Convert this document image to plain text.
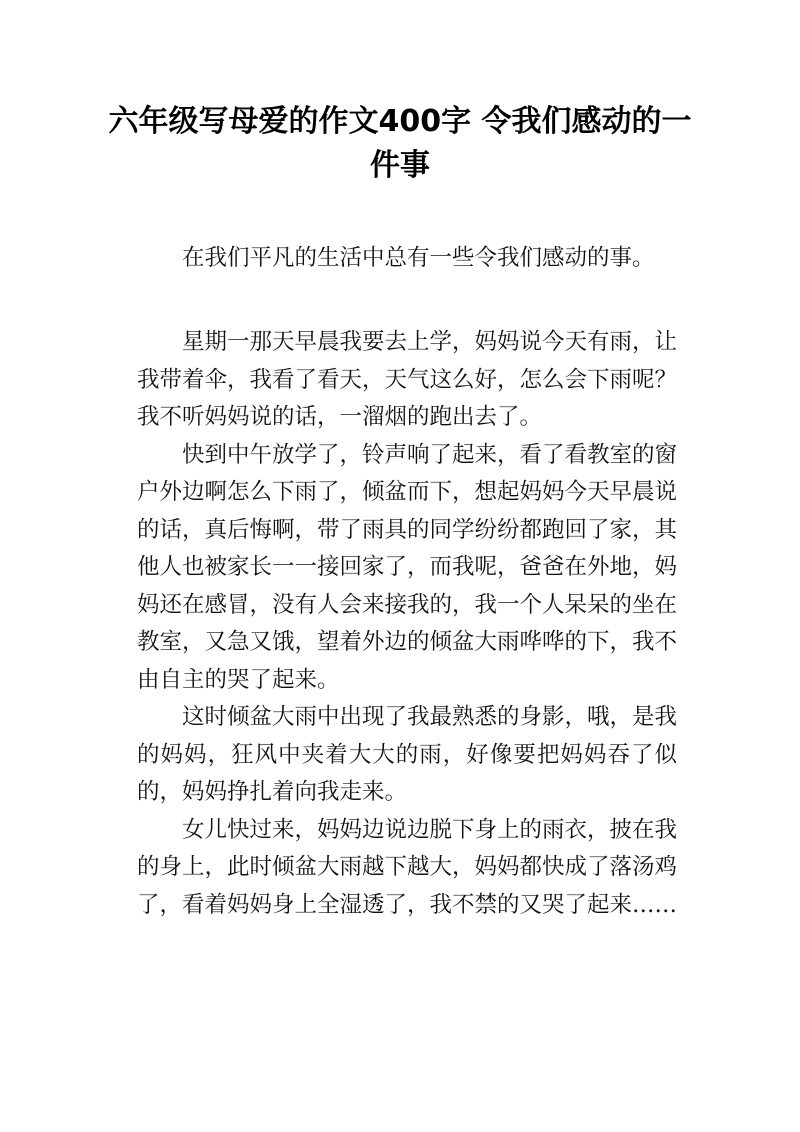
六年级写母爱的作文400字 令我们感动的一件事

在我们平凡的生活中总有一些令我们感动的事。

星期一那天早晨我要去上学，妈妈说今天有雨，让我带着伞，我看了看天，天气这么好，怎么会下雨呢？我不听妈妈说的话，一溜烟的跑出去了。

快到中午放学了，铃声响了起来，看了看教室的窗户外边啊怎么下雨了，倾盆而下，想起妈妈今天早晨说的话，真后悔啊，带了雨具的同学纷纷都跑回了家，其他人也被家长一一接回家了，而我呢，爸爸在外地，妈妈还在感冒，没有人会来接我的，我一个人呆呆的坐在教室，又急又饿，望着外边的倾盆大雨哗哗的下，我不由自主的哭了起来。

这时倾盆大雨中出现了我最熟悉的身影，哦，是我的妈妈，狂风中夹着大大的雨，好像要把妈妈吞了似的，妈妈挣扎着向我走来。

女儿快过来，妈妈边说边脱下身上的雨衣，披在我的身上，此时倾盆大雨越下越大，妈妈都快成了落汤鸡了，看着妈妈身上全湿透了，我不禁的又哭了起来……
